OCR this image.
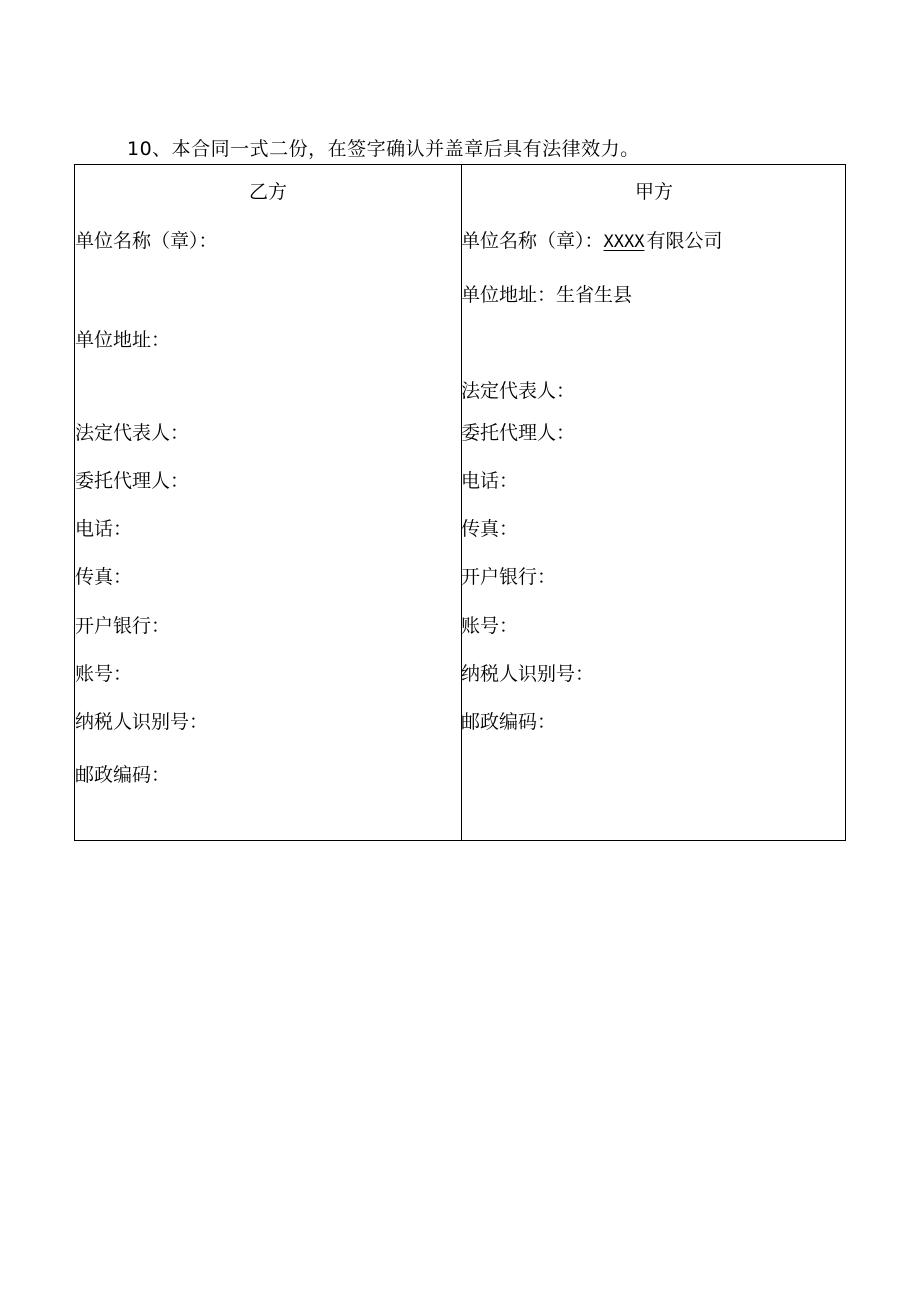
10、本合同一式二份，在签字确认并盖章后具有法律效力。
乙方
单位名称（章）：
单位地址：
法定代表人：
委托代理人：
电话：
传真：
开户银行：
账号：
纳税人识别号：
邮政编码：
甲方
单位名称（章）：XXXX 有限公司
单位地址：生省生县
法定代表人：
委托代理人：
电话：
传真：
开户银行：
账号：
纳税人识别号：
邮政编码：
